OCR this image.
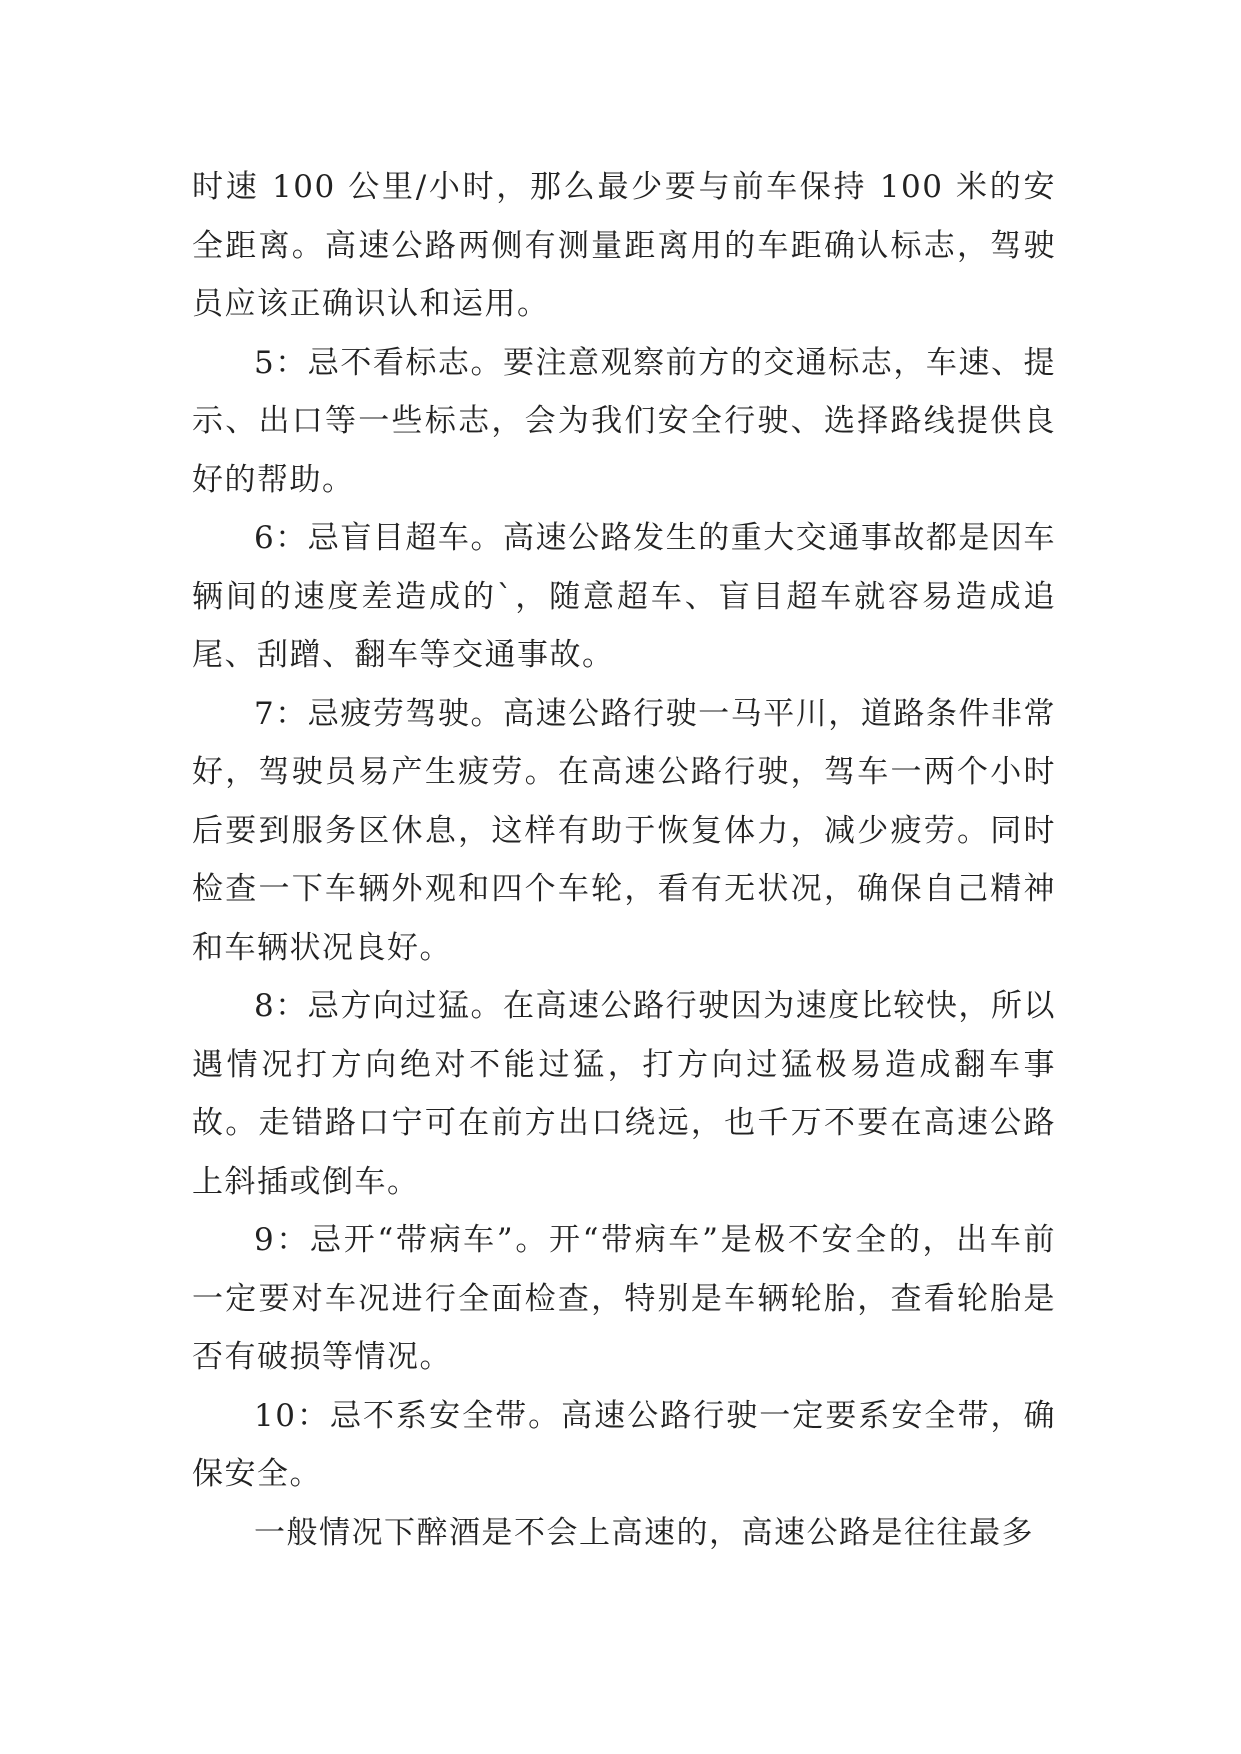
时速 100 公里/小时，那么最少要与前车保持 100 米的安全距离。高速公路两侧有测量距离用的车距确认标志，驾驶员应该正确识认和运用。

5：忌不看标志。要注意观察前方的交通标志，车速、提示、出口等一些标志，会为我们安全行驶、选择路线提供良好的帮助。

6：忌盲目超车。高速公路发生的重大交通事故都是因车辆间的速度差造成的`，随意超车、盲目超车就容易造成追尾、刮蹭、翻车等交通事故。

7：忌疲劳驾驶。高速公路行驶一马平川，道路条件非常好，驾驶员易产生疲劳。在高速公路行驶，驾车一两个小时后要到服务区休息，这样有助于恢复体力，减少疲劳。同时检查一下车辆外观和四个车轮，看有无状况，确保自己精神和车辆状况良好。

8：忌方向过猛。在高速公路行驶因为速度比较快，所以遇情况打方向绝对不能过猛，打方向过猛极易造成翻车事故。走错路口宁可在前方出口绕远，也千万不要在高速公路上斜插或倒车。

9：忌开“带病车”。开“带病车”是极不安全的，出车前一定要对车况进行全面检查，特别是车辆轮胎，查看轮胎是否有破损等情况。

10：忌不系安全带。高速公路行驶一定要系安全带，确保安全。

一般情况下醉酒是不会上高速的，高速公路是往往最多
